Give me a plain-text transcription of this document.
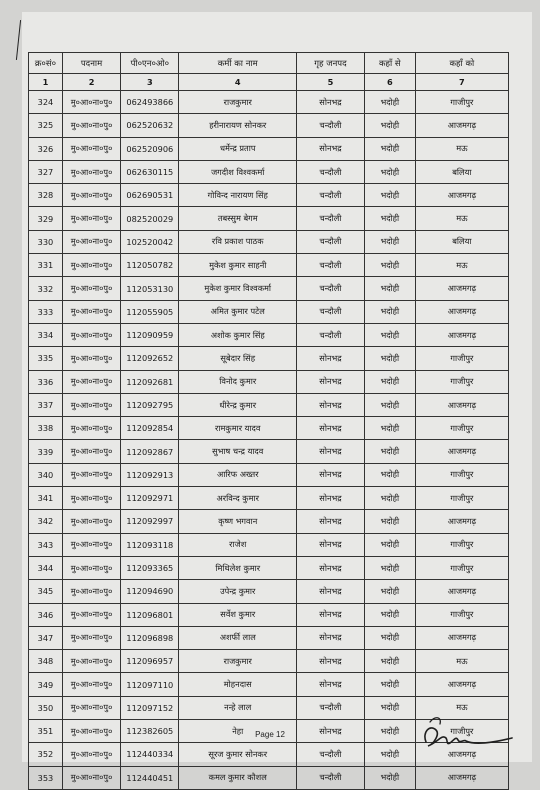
क्र०सं०	पदनाम	पी०एन०ओ०	कर्मी का नाम	गृह जनपद	कहाँ से	कहाँ को
1	2	3	4	5	6	7
324	मु०आ०ना०पु०	062493866	राजकुमार	सोनभद्र	भदोही	गाजीपुर
325	मु०आ०ना०पु०	062520632	हरीनारायण सोनकर	चन्दौली	भदोही	आजमगढ़
326	मु०आ०ना०पु०	062520906	धर्मेन्द्र प्रताप	सोनभद्र	भदोही	मऊ
327	मु०आ०ना०पु०	062630115	जगदीश विश्वकर्मा	चन्दौली	भदोही	बलिया
328	मु०आ०ना०पु०	062690531	गोविन्द नारायण सिंह	चन्दौली	भदोही	आजमगढ़
329	मु०आ०ना०पु०	082520029	तबस्सुम बेगम	चन्दौली	भदोही	मऊ
330	मु०आ०ना०पु०	102520042	रवि प्रकाश पाठक	चन्दौली	भदोही	बलिया
331	मु०आ०ना०पु०	112050782	मुकेश कुमार साहनी	चन्दौली	भदोही	मऊ
332	मु०आ०ना०पु०	112053130	मुकेश कुमार विश्वकर्मा	चन्दौली	भदोही	आजमगढ़
333	मु०आ०ना०पु०	112055905	अमित कुमार पटेल	चन्दौली	भदोही	आजमगढ़
334	मु०आ०ना०पु०	112090959	अशोक कुमार सिंह	चन्दौली	भदोही	आजमगढ़
335	मु०आ०ना०पु०	112092652	सूबेदार सिंह	सोनभद्र	भदोही	गाजीपुर
336	मु०आ०ना०पु०	112092681	विनोद कुमार	सोनभद्र	भदोही	गाजीपुर
337	मु०आ०ना०पु०	112092795	धीरेन्द्र कुमार	सोनभद्र	भदोही	आजमगढ़
338	मु०आ०ना०पु०	112092854	रामकुमार यादव	सोनभद्र	भदोही	गाजीपुर
339	मु०आ०ना०पु०	112092867	सुभाष चन्द्र यादव	सोनभद्र	भदोही	आजमगढ़
340	मु०आ०ना०पु०	112092913	आरिफ अख्तर	सोनभद्र	भदोही	गाजीपुर
341	मु०आ०ना०पु०	112092971	अरविन्द कुमार	सोनभद्र	भदोही	गाजीपुर
342	मु०आ०ना०पु०	112092997	कृष्ण भगवान	सोनभद्र	भदोही	आजमगढ़
343	मु०आ०ना०पु०	112093118	राजेश	सोनभद्र	भदोही	गाजीपुर
344	मु०आ०ना०पु०	112093365	मिथिलेश कुमार	सोनभद्र	भदोही	गाजीपुर
345	मु०आ०ना०पु०	112094690	उपेन्द्र कुमार	सोनभद्र	भदोही	आजमगढ़
346	मु०आ०ना०पु०	112096801	सर्वेश कुमार	सोनभद्र	भदोही	गाजीपुर
347	मु०आ०ना०पु०	112096898	अशर्फी लाल	सोनभद्र	भदोही	आजमगढ़
348	मु०आ०ना०पु०	112096957	राजकुमार	सोनभद्र	भदोही	मऊ
349	मु०आ०ना०पु०	112097110	मोहनदास	सोनभद्र	भदोही	आजमगढ़
350	मु०आ०ना०पु०	112097152	नन्हे लाल	चन्दौली	भदोही	मऊ
351	मु०आ०ना०पु०	112382605	नेहा	सोनभद्र	भदोही	गाजीपुर
352	मु०आ०ना०पु०	112440334	सूरज कुमार सोनकर	चन्दौली	भदोही	आजमगढ़
353	मु०आ०ना०पु०	112440451	कमल कुमार कौशल	चन्दौली	भदोही	आजमगढ़
Page 12
